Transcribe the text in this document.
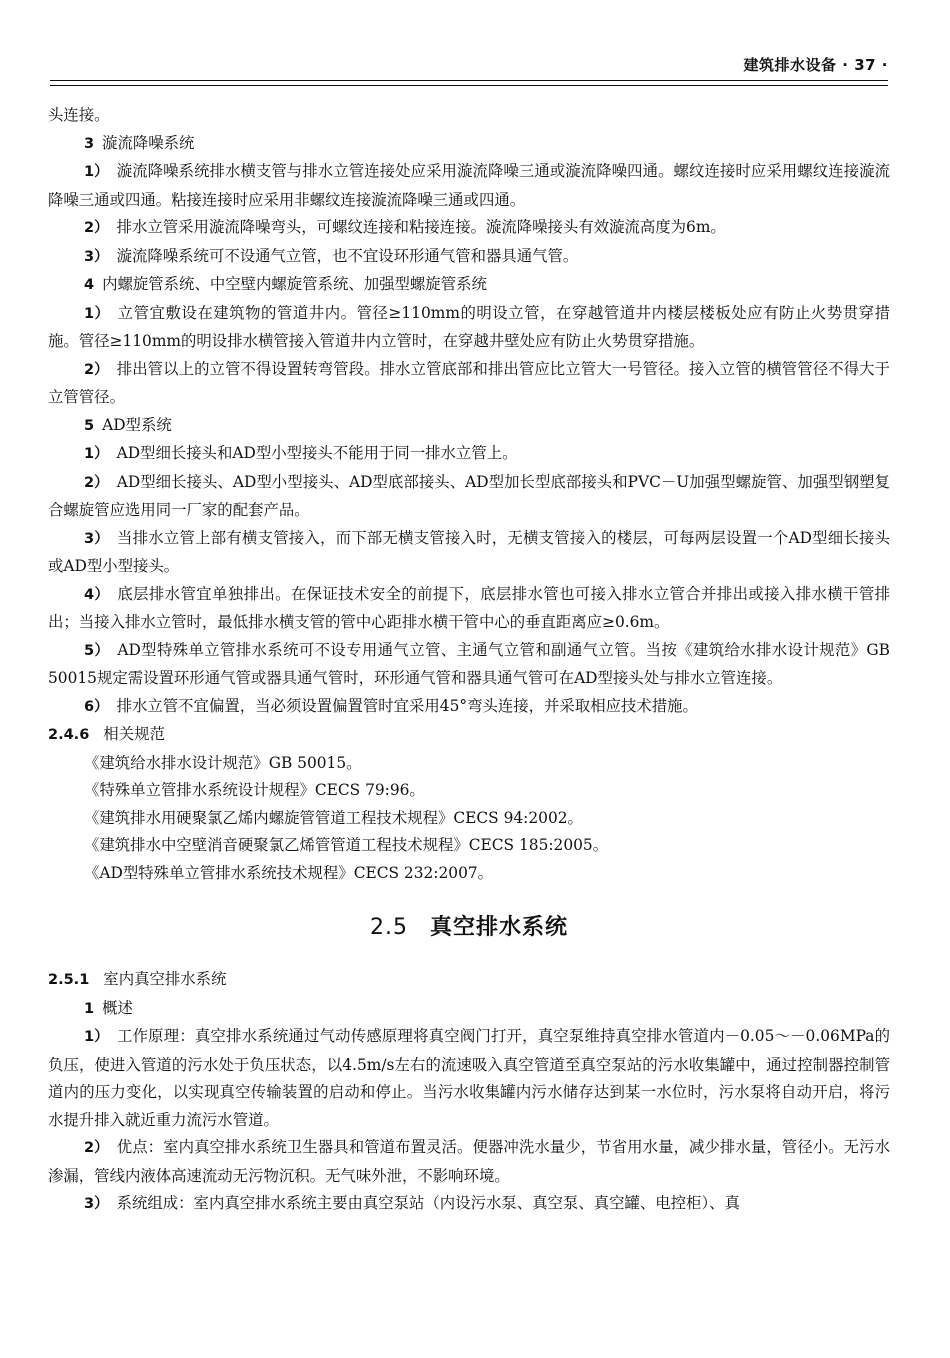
建筑排水设备 · 37 ·

头连接。

3 漩流降噪系统

1） 漩流降噪系统排水横支管与排水立管连接处应采用漩流降噪三通或漩流降噪四通。螺纹连接时应采用螺纹连接漩流降噪三通或四通。粘接连接时应采用非螺纹连接漩流降噪三通或四通。

2） 排水立管采用漩流降噪弯头，可螺纹连接和粘接连接。漩流降噪接头有效漩流高度为6m。

3） 漩流降噪系统可不设通气立管，也不宜设环形通气管和器具通气管。

4 内螺旋管系统、中空壁内螺旋管系统、加强型螺旋管系统

1） 立管宜敷设在建筑物的管道井内。管径≥110mm的明设立管，在穿越管道井内楼层楼板处应有防止火势贯穿措施。管径≥110mm的明设排水横管接入管道井内立管时，在穿越井壁处应有防止火势贯穿措施。

2） 排出管以上的立管不得设置转弯管段。排水立管底部和排出管应比立管大一号管径。接入立管的横管管径不得大于立管管径。

5 AD型系统

1） AD型细长接头和AD型小型接头不能用于同一排水立管上。

2） AD型细长接头、AD型小型接头、AD型底部接头、AD型加长型底部接头和PVC－U加强型螺旋管、加强型钢塑复合螺旋管应选用同一厂家的配套产品。

3） 当排水立管上部有横支管接入，而下部无横支管接入时，无横支管接入的楼层，可每两层设置一个AD型细长接头或AD型小型接头。

4） 底层排水管宜单独排出。在保证技术安全的前提下，底层排水管也可接入排水立管合并排出或接入排水横干管排出；当接入排水立管时，最低排水横支管的管中心距排水横干管中心的垂直距离应≥0.6m。

5） AD型特殊单立管排水系统可不设专用通气立管、主通气立管和副通气立管。当按《建筑给水排水设计规范》GB 50015规定需设置环形通气管或器具通气管时，环形通气管和器具通气管可在AD型接头处与排水立管连接。

6） 排水立管不宜偏置，当必须设置偏置管时宜采用45°弯头连接，并采取相应技术措施。

2.4.6 相关规范

《建筑给水排水设计规范》GB 50015。

《特殊单立管排水系统设计规程》CECS 79:96。

《建筑排水用硬聚氯乙烯内螺旋管管道工程技术规程》CECS 94:2002。

《建筑排水中空壁消音硬聚氯乙烯管管道工程技术规程》CECS 185:2005。

《AD型特殊单立管排水系统技术规程》CECS 232:2007。

2.5 真空排水系统

2.5.1 室内真空排水系统

1 概述

1） 工作原理：真空排水系统通过气动传感原理将真空阀门打开，真空泵维持真空排水管道内－0.05～－0.06MPa的负压，使进入管道的污水处于负压状态，以4.5m/s左右的流速吸入真空管道至真空泵站的污水收集罐中，通过控制器控制管道内的压力变化，以实现真空传输装置的启动和停止。当污水收集罐内污水储存达到某一水位时，污水泵将自动开启，将污水提升排入就近重力流污水管道。

2） 优点：室内真空排水系统卫生器具和管道布置灵活。便器冲洗水量少，节省用水量，减少排水量，管径小。无污水渗漏，管线内液体高速流动无污物沉积。无气味外泄，不影响环境。

3） 系统组成：室内真空排水系统主要由真空泵站（内设污水泵、真空泵、真空罐、电控柜）、真
